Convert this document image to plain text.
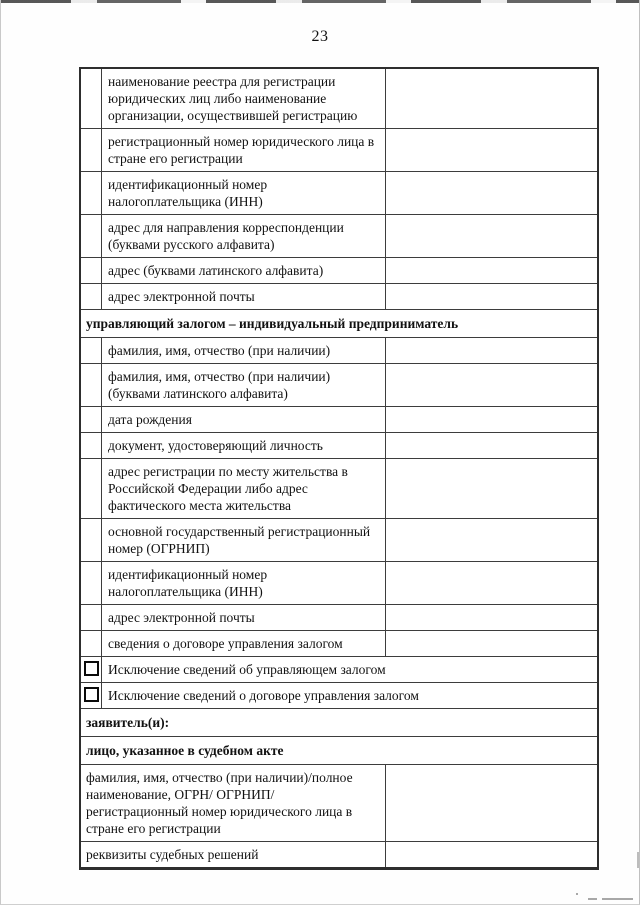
23
наименование реестра для регистрации юридических лиц либо наименование организации, осуществившей регистрацию
регистрационный номер юридического лица в стране его регистрации
идентификационный номер налогоплательщика (ИНН)
адрес для направления корреспонденции (буквами русского алфавита)
адрес (буквами латинского алфавита)
адрес электронной почты
управляющий залогом – индивидуальный предприниматель
фамилия, имя, отчество (при наличии)
фамилия, имя, отчество (при наличии) (буквами латинского алфавита)
дата рождения
документ, удостоверяющий личность
адрес регистрации по месту жительства в Российской Федерации либо адрес фактического места жительства
основной государственный регистрационный номер (ОГРНИП)
идентификационный номер налогоплательщика (ИНН)
адрес электронной почты
сведения о договоре управления залогом
Исключение сведений об управляющем залогом
Исключение сведений о договоре управления залогом
заявитель(и):
лицо, указанное в судебном акте
фамилия, имя, отчество (при наличии)/полное наименование, ОГРН/ ОГРНИП/ регистрационный номер юридического лица в стране его регистрации
реквизиты судебных решений
